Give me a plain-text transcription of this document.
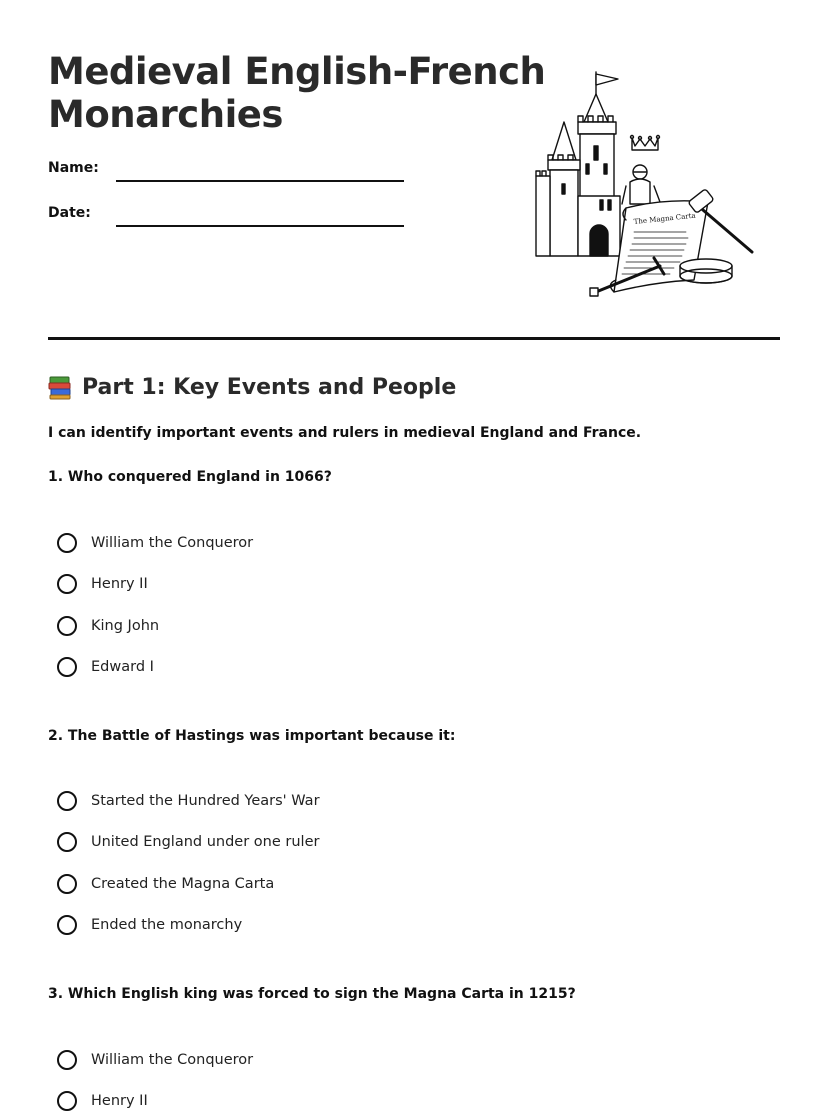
Medieval English-French
Monarchies
Name:
Date:	The Magna Carta
Part 1: Key Events and People
I can identify important events and rulers in medieval England and France.
1. Who conquered England in 1066?
William the Conqueror
Henry II
King John
Edward I
2. The Battle of Hastings was important because it:
Started the Hundred Years' War
United England under one ruler
Created the Magna Carta
Ended the monarchy
3. Which English king was forced to sign the Magna Carta in 1215?
William the Conqueror
Henry II
